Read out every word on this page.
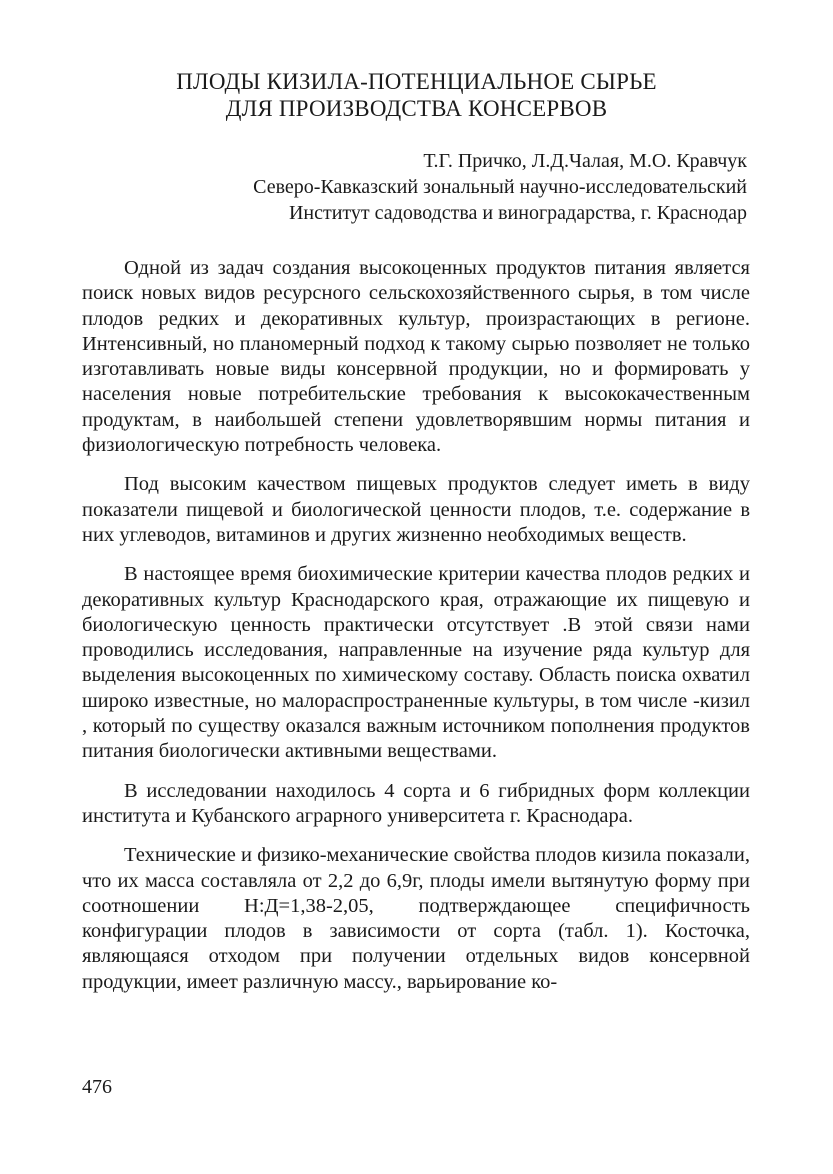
ПЛОДЫ КИЗИЛА-ПОТЕНЦИАЛЬНОЕ СЫРЬЕ
ДЛЯ ПРОИЗВОДСТВА КОНСЕРВОВ
Т.Г. Причко, Л.Д.Чалая, М.О. Кравчук
Северо-Кавказский зональный научно-исследовательский
Институт садоводства и виноградарства, г. Краснодар

Одной из задач создания высокоценных продуктов питания является поиск новых видов ресурсного сельскохозяйственного сырья, в том числе плодов редких и декоративных культур, произрастающих в регионе. Интенсивный, но планомерный подход к такому сырью позволяет не только изготавливать новые виды консервной продукции, но и формировать у населения новые потребительские требования к высококачественным продуктам, в наибольшей степени удовлетворявшим нормы питания и физиологическую потребность человека.

Под высоким качеством пищевых продуктов следует иметь в виду показатели пищевой и биологической ценности плодов, т.е. содержание в них углеводов, витаминов и других жизненно необходимых веществ.

В настоящее время биохимические критерии качества плодов редких и декоративных культур Краснодарского края, отражающие их пищевую и биологическую ценность практически отсутствует .В этой связи нами проводились исследования, направленные на изучение ряда культур для выделения высокоценных по химическому составу. Область поиска охватил широко известные, но малораспространенные культуры, в том числе -кизил , который по существу оказался важным источником пополнения продуктов питания биологически активными веществами.

В исследовании находилось 4 сорта и 6 гибридных форм коллекции института и Кубанского аграрного университета г. Краснодара.

Технические и физико-механические свойства плодов кизила показали, что их масса составляла от 2,2 до 6,9г, плоды имели вытянутую форму при соотношении Н:Д=1,38-2,05, подтверждающее специфичность конфигурации плодов в зависимости от сорта (табл. 1). Косточка, являющаяся отходом при получении отдельных видов консервной продукции, имеет различную массу., варьирование ко-

476
